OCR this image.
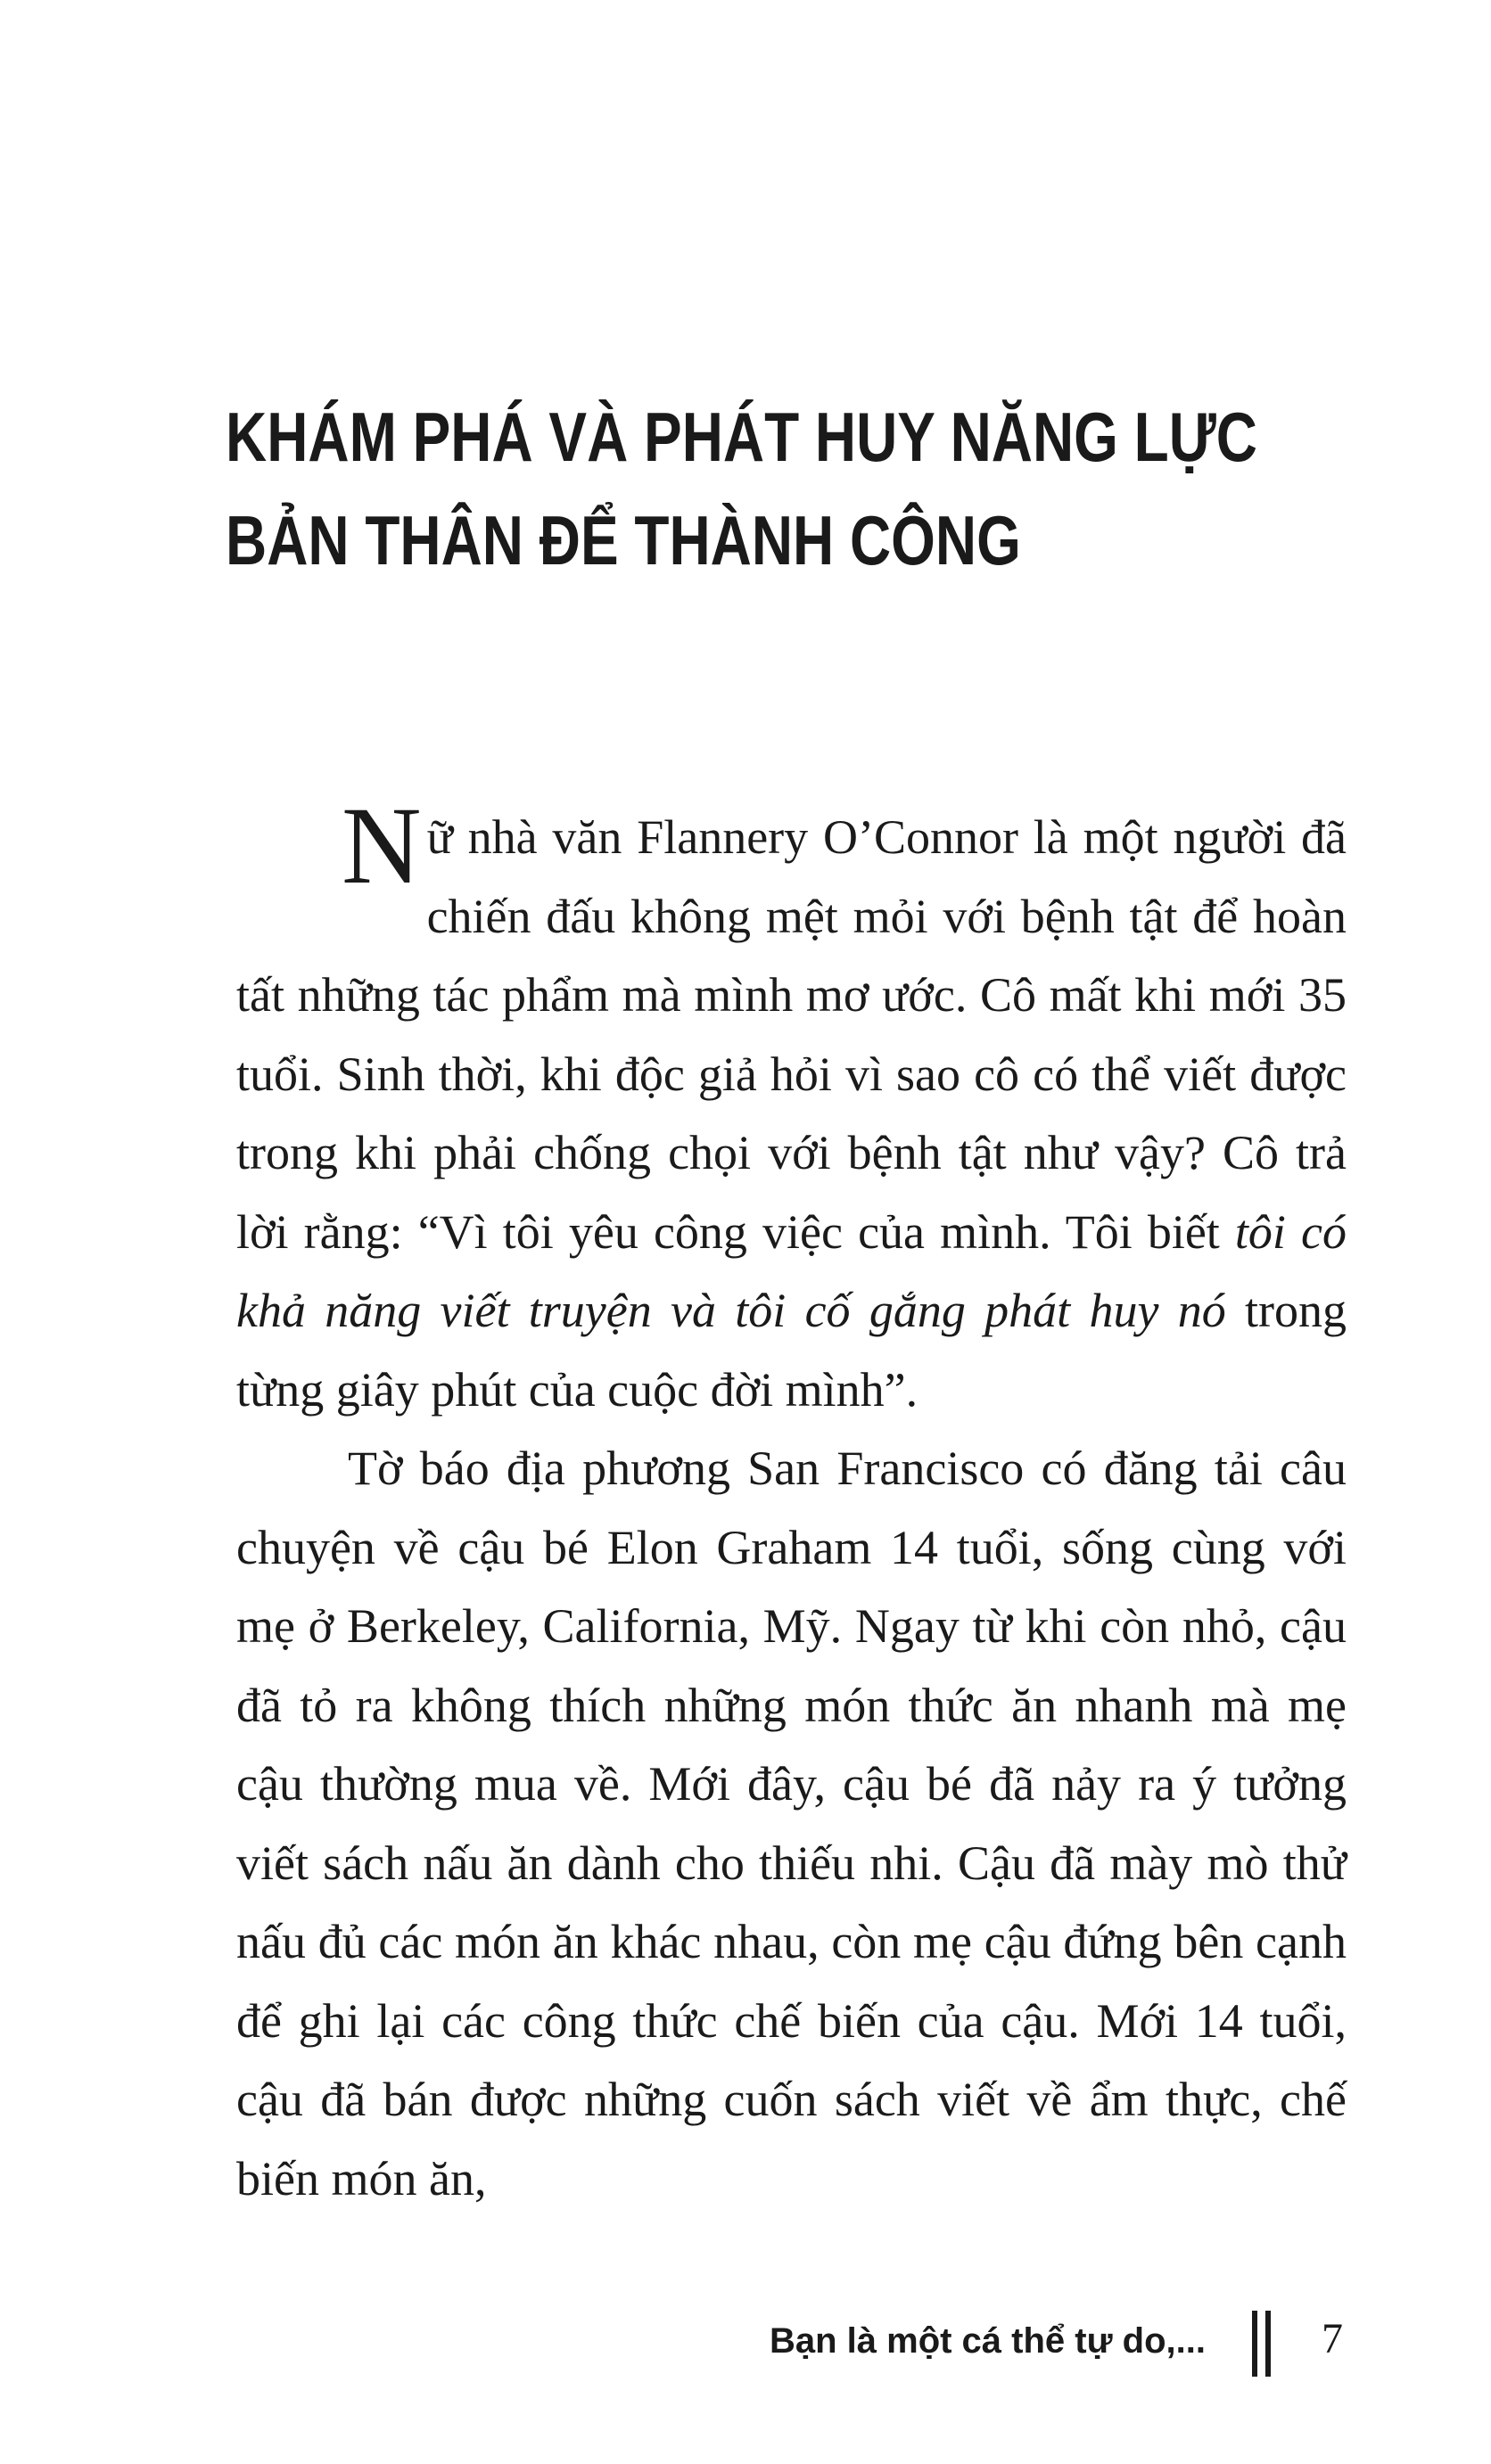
KHÁM PHÁ VÀ PHÁT HUY NĂNG LỰC
BẢN THÂN ĐỂ THÀNH CÔNG

Nữ nhà văn Flannery O’Connor là một người đã chiến đấu không mệt mỏi với bệnh tật để hoàn tất những tác phẩm mà mình mơ ước. Cô mất khi mới 35 tuổi. Sinh thời, khi độc giả hỏi vì sao cô có thể viết được trong khi phải chống chọi với bệnh tật như vậy? Cô trả lời rằng: “Vì tôi yêu công việc của mình. Tôi biết tôi có khả năng viết truyện và tôi cố gắng phát huy nó trong từng giây phút của cuộc đời mình”.

Tờ báo địa phương San Francisco có đăng tải câu chuyện về cậu bé Elon Graham 14 tuổi, sống cùng với mẹ ở Berkeley, California, Mỹ. Ngay từ khi còn nhỏ, cậu đã tỏ ra không thích những món thức ăn nhanh mà mẹ cậu thường mua về. Mới đây, cậu bé đã nảy ra ý tưởng viết sách nấu ăn dành cho thiếu nhi. Cậu đã mày mò thử nấu đủ các món ăn khác nhau, còn mẹ cậu đứng bên cạnh để ghi lại các công thức chế biến của cậu. Mới 14 tuổi, cậu đã bán được những cuốn sách viết về ẩm thực, chế biến món ăn,

Bạn là một cá thể tự do,...	7
